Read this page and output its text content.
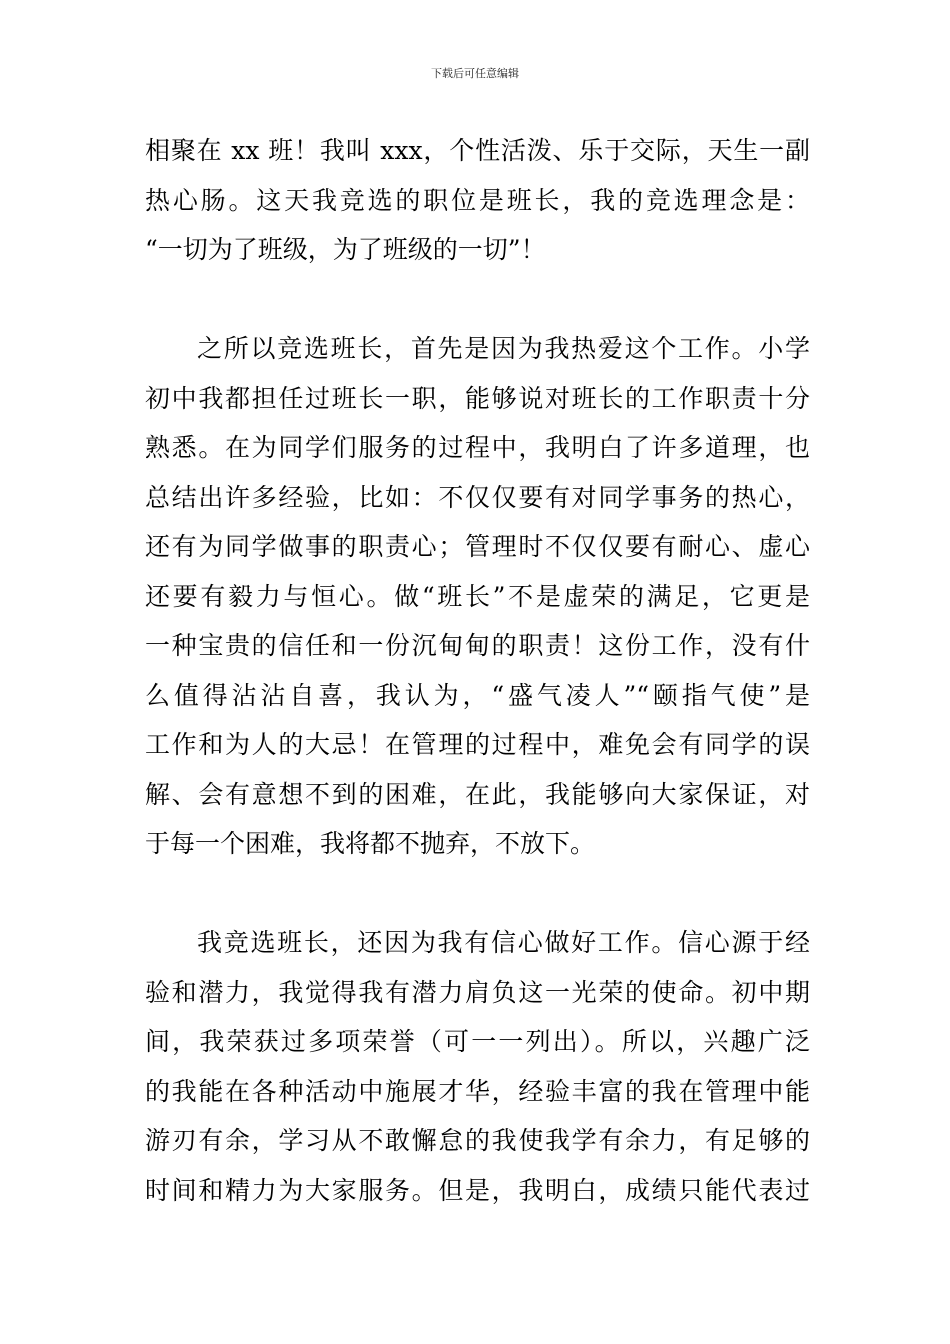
下载后可任意编辑
相聚在 xx 班！我叫 xxx，个性活泼、乐于交际，天生一副
热心肠。这天我竞选的职位是班长，我的竞选理念是：
“一切为了班级，为了班级的一切”！
之所以竞选班长，首先是因为我热爱这个工作。小学
初中我都担任过班长一职，能够说对班长的工作职责十分
熟悉。在为同学们服务的过程中，我明白了许多道理，也
总结出许多经验，比如：不仅仅要有对同学事务的热心，
还有为同学做事的职责心；管理时不仅仅要有耐心、虚心
还要有毅力与恒心。做“班长”不是虚荣的满足，它更是
一种宝贵的信任和一份沉甸甸的职责！这份工作，没有什
么值得沾沾自喜，我认为，“盛气凌人”“颐指气使”是
工作和为人的大忌！在管理的过程中，难免会有同学的误
解、会有意想不到的困难，在此，我能够向大家保证，对
于每一个困难，我将都不抛弃，不放下。
我竞选班长，还因为我有信心做好工作。信心源于经
验和潜力，我觉得我有潜力肩负这一光荣的使命。初中期
间，我荣获过多项荣誉（可一一列出）。所以，兴趣广泛
的我能在各种活动中施展才华，经验丰富的我在管理中能
游刃有余，学习从不敢懈怠的我使我学有余力，有足够的
时间和精力为大家服务。但是，我明白，成绩只能代表过
